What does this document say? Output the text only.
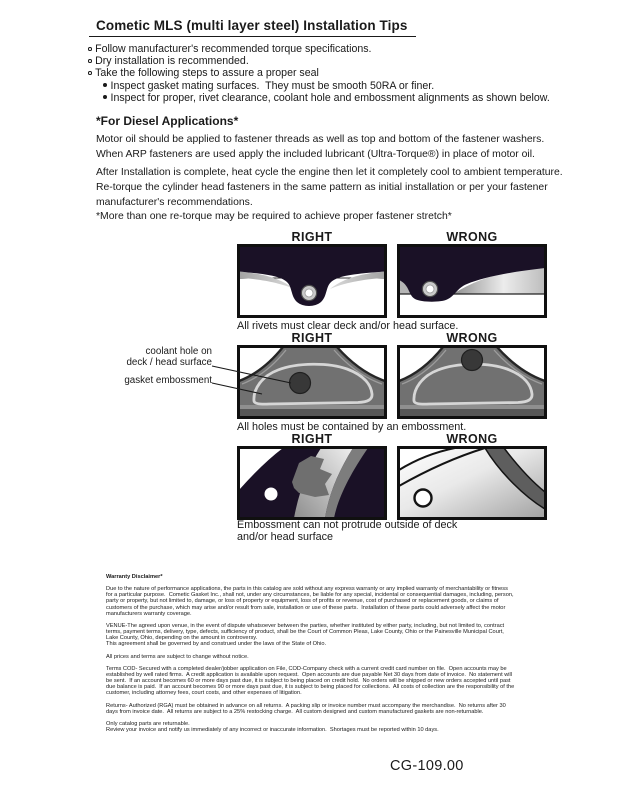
Cometic MLS (multi layer steel) Installation Tips
Follow manufacturer's recommended torque specifications.
Dry installation is recommended.
Take the following steps to assure a proper seal
Inspect gasket mating surfaces.  They must be smooth 50RA or finer.
Inspect for proper, rivet clearance, coolant hole and embossment alignments as shown below.
*For Diesel Applications*
Motor oil should be applied to fastener threads as well as top and bottom of the fastener washers. When ARP fasteners are used apply the included lubricant (Ultra-Torque®) in place of motor oil.
After Installation is complete, heat cycle the engine then let it completely cool to ambient temperature. Re-torque the cylinder head fasteners in the same pattern as initial installation or per your fastener manufacturer's recommendations.
*More than one re-torque may be required to achieve proper fastener stretch*
RIGHT	WRONG
All rivets must clear deck and/or head surface.
RIGHT	WRONG
coolant hole on
deck / head surface
gasket embossment
All holes must be contained by an embossment.
RIGHT	WRONG
Embossment can not protrude outside of deck
and/or head surface
Warranty Disclaimer*

Due to the nature of performance applications, the parts in this catalog are sold without any express warranty or any implied warranty of merchantability or fitness for a particular purpose.  Cometic Gasket Inc., shall not, under any circumstances, be liable for any special, incidental or consequential damages, including, person, party or property, but not limited to, damage, or loss of property or equipment, loss of profits or revenue, cost of purchased or replacement goods, or claims of customers of the purchase, which may arise and/or result from sale, installation or use of these parts.  Installation of these parts could adversely affect the motor manufacturers warranty coverage.

VENUE-The agreed upon venue, in the event of dispute whatsoever between the parties, whether instituted by either party, including, but not limited to, contract terms, payment terms, delivery, type, defects, sufficiency of product, shall be the Court of Common Pleas, Lake County, Ohio or the Painesville Municipal Court, Lake County, Ohio, depending on the amount in controversy.
This agreement shall be governed by and construed under the laws of the State of Ohio.

All prices and terms are subject to change without notice.

Terms COD- Secured with a completed dealer/jobber application on File, COD-Company check with a current credit card number on file.  Open accounts may be established by well rated firms.  A credit application is available upon request.  Open accounts are due payable Net 30 days from date of invoice.  No statement will be sent.  If an account becomes 60 or more days past due, it is subject to being placed on credit hold.  No orders will be shipped or new orders accepted until past due balance is paid.  If an account becomes 90 or more days past due, it is subject to being placed for collections.  All costs of collection are the responsibility of the customer, including attorney fees, court costs, and other expenses of litigation.

Returns- Authorized (RGA) must be obtained in advance on all returns.  A packing slip or invoice number must accompany the merchandise.  No returns after 30 days from invoice date.  All returns are subject to a 25% restocking charge.  All custom designed and custom manufactured gaskets are non-returnable.

Only catalog parts are returnable.
Review your invoice and notify us immediately of any incorrect or inaccurate information.  Shortages must be reported within 10 days.

CG-109.00
